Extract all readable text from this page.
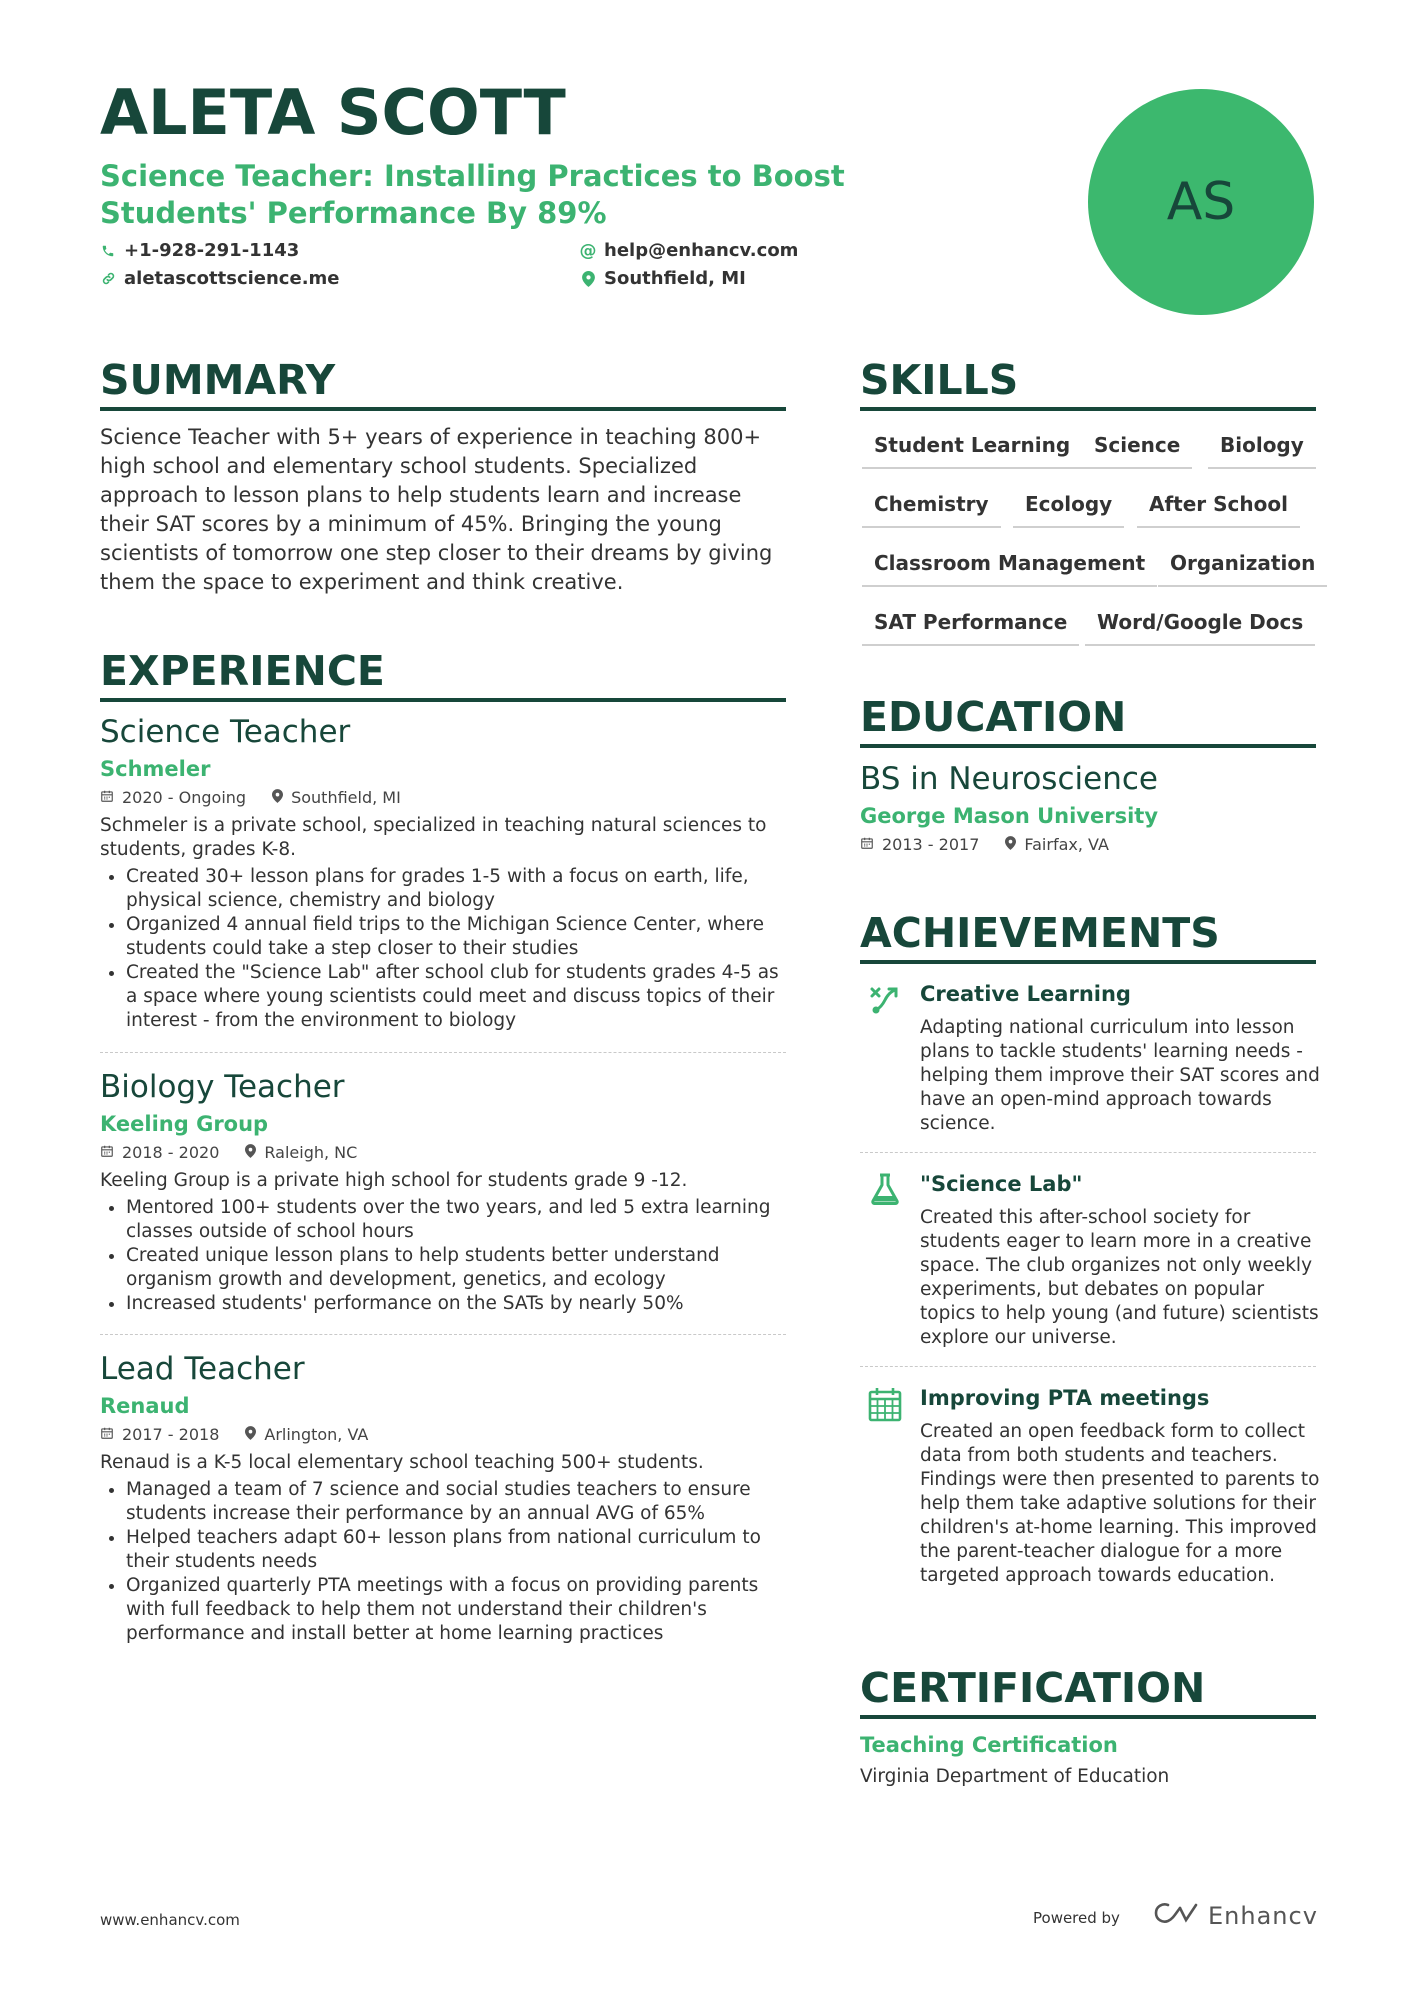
ALETA SCOTT
Science Teacher: Installing Practices to Boost Students' Performance By 89%
+1-928-291-1143	@ help@enhancv.com
aletascottscience.me	Southfield, MI
AS
SUMMARY
Science Teacher with 5+ years of experience in teaching 800+ high school and elementary school students. Specialized approach to lesson plans to help students learn and increase their SAT scores by a minimum of 45%. Bringing the young scientists of tomorrow one step closer to their dreams by giving them the space to experiment and think creative.
EXPERIENCE
Science Teacher
Schmeler
2020 - Ongoing	Southfield, MI
Schmeler is a private school, specialized in teaching natural sciences to students, grades K-8.
• Created 30+ lesson plans for grades 1-5 with a focus on earth, life, physical science, chemistry and biology
• Organized 4 annual field trips to the Michigan Science Center, where students could take a step closer to their studies
• Created the "Science Lab" after school club for students grades 4-5 as a space where young scientists could meet and discuss topics of their interest - from the environment to biology
Biology Teacher
Keeling Group
2018 - 2020	Raleigh, NC
Keeling Group is a private high school for students grade 9 -12.
• Mentored 100+ students over the two years, and led 5 extra learning classes outside of school hours
• Created unique lesson plans to help students better understand organism growth and development, genetics, and ecology
• Increased students' performance on the SATs by nearly 50%
Lead Teacher
Renaud
2017 - 2018	Arlington, VA
Renaud is a K-5 local elementary school teaching 500+ students.
• Managed a team of 7 science and social studies teachers to ensure students increase their performance by an annual AVG of 65%
• Helped teachers adapt 60+ lesson plans from national curriculum to their students needs
• Organized quarterly PTA meetings with a focus on providing parents with full feedback to help them not understand their children's performance and install better at home learning practices
SKILLS
Student Learning	Science	Biology
Chemistry	Ecology	After School
Classroom Management	Organization
SAT Performance	Word/Google Docs
EDUCATION
BS in Neuroscience
George Mason University
2013 - 2017	Fairfax, VA
ACHIEVEMENTS
Creative Learning
Adapting national curriculum into lesson plans to tackle students' learning needs - helping them improve their SAT scores and have an open-mind approach towards science.
"Science Lab"
Created this after-school society for students eager to learn more in a creative space. The club organizes not only weekly experiments, but debates on popular topics to help young (and future) scientists explore our universe.
Improving PTA meetings
Created an open feedback form to collect data from both students and teachers. Findings were then presented to parents to help them take adaptive solutions for their children's at-home learning. This improved the parent-teacher dialogue for a more targeted approach towards education.
CERTIFICATION
Teaching Certification
Virginia Department of Education
www.enhancv.com	Powered by	Enhancv
